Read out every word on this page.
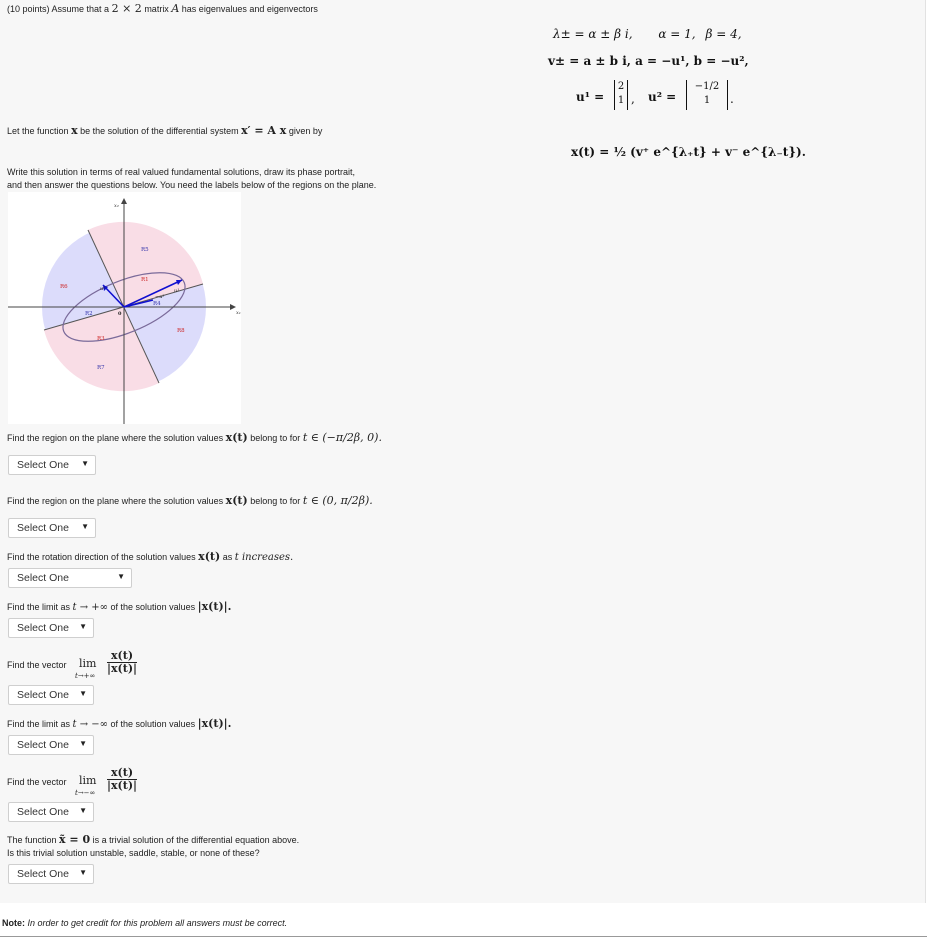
(10 points) Assume that a 2 × 2 matrix A has eigenvalues and eigenvectors
λ± = α ± β i, α = 1, β = 4,
v± = a ± b i, a = −u¹, b = −u²,
u¹ =
2
1 , u² =
−1/2
1	.
x(t) = ½ (v⁺ e^{λ₊t} + v⁻ e^{λ₋t}).
Let the function x be the solution of the differential system x′ = A x given by
Write this solution in terms of real valued fundamental solutions, draw its phase portrait,
and then answer the questions below. You need the labels below of the regions on the plane.
x₁
x₂
0
u¹
u²
−u²
R1
R2
R3
R4
R5
R6
R7
R8
Find the region on the plane where the solution values x(t) belong to for t ∈ (−π/2β, 0).
Select One ▼
Find the region on the plane where the solution values x(t) belong to for t ∈ (0, π/2β).
Select One ▼
Find the rotation direction of the solution values x(t) as t increases.
Select One	▼
Find the limit as t → +∞ of the solution values |x(t)|.
Select One ▼
Find the vector lim
t→+∞
$\frac{x(t)}{|x(t)|}$
Select One ▼
Find the limit as t → −∞ of the solution values |x(t)|.
Select One ▼
Find the vector lim
t→−∞
$\frac{x(t)}{|x(t)|}$
Select One ▼
The function x̃ = 0 is a trivial solution of the differential equation above.
Is this trivial solution unstable, saddle, stable, or none of these?
Select One ▼
Note: In order to get credit for this problem all answers must be correct.
